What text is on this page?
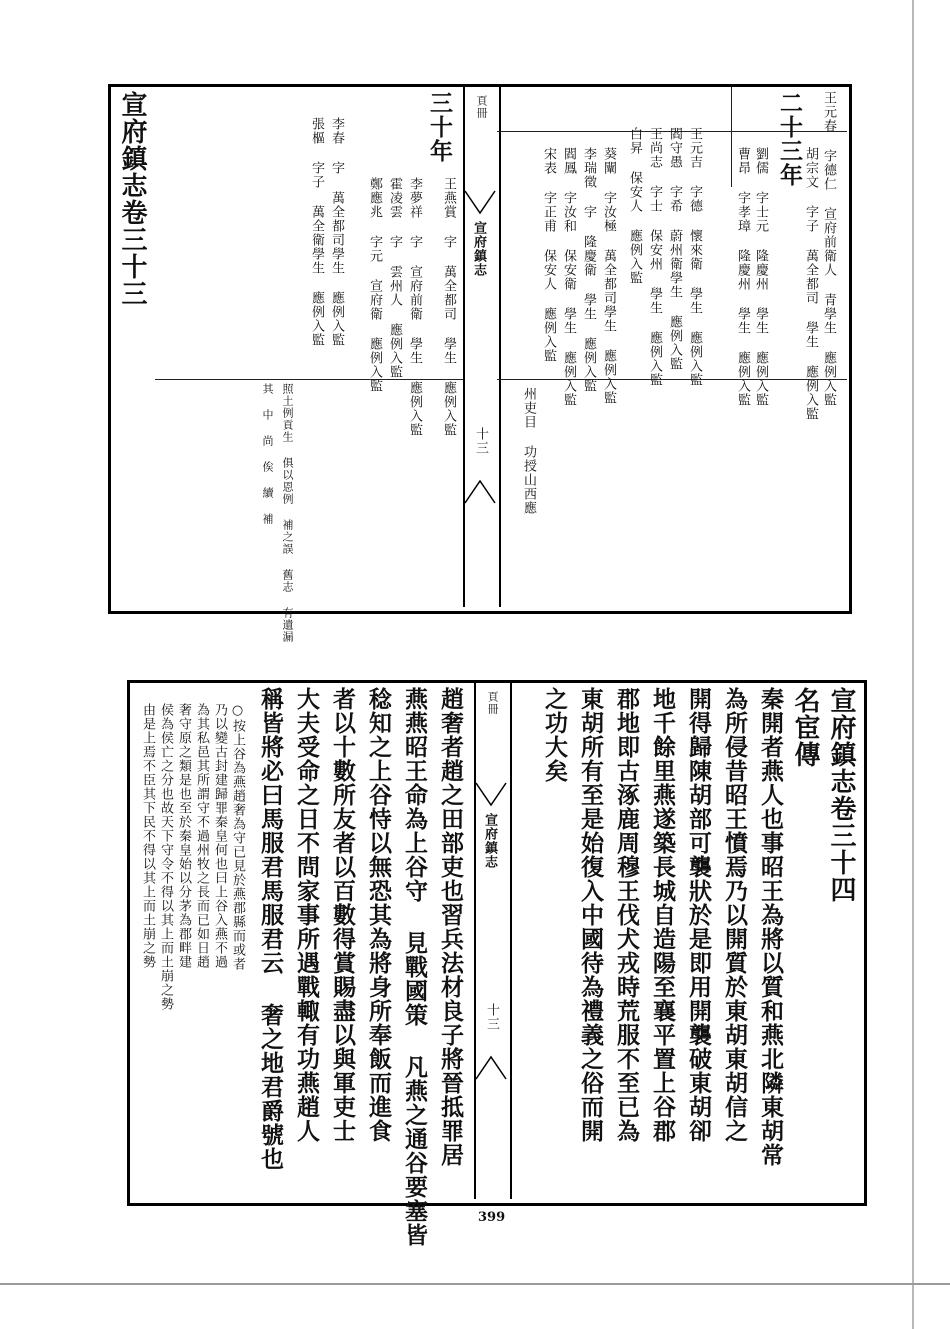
宣府鎮志卷三十三	頁冊
宣府鎮志
十三
二十三年 王元春 字德仁 宣府前衛人 青學生 應例入監
胡宗文 字子 萬全都司 學生 應例入監
劉儒 字士元 隆慶州 學生 應例入監
曹昂 字孝璋 隆慶州 學生 應例入監
王元吉 字德 懷來衛 學生 應例入監
閻守愚 字希 蔚州衛學生 應例入監
王尚志 字士 保安州 學生 應例入監
白昇 保安人 應例入監
葵闡 字汝極 萬全都司學生 應例入監
李瑞徵 字 隆慶衛 學生 應例入監
閻鳳 字汝和 保安衛 學生 應例入監
宋表 字正甫 保安人 應例入監
州吏目 功授山西應
三十年
王燕賞 字 萬全都司 學生 應例入監
李夢祥 字 宣府前衛 學生 應例入監
霍凌雲 字 雲州人 應例入監
鄭應兆 字元 宣府衛 應例入監
李春 字 萬全都司學生 應例入監
張樞 字子 萬全衛學生 應例入監
照土例貢生 俱以恩例 補之誤 舊志 有遺漏
其 中 尚 俟 續 補
宣府鎮志卷三十四
名宦傳
秦開者燕人也事昭王為將以質和燕北隣東胡常
為所侵昔昭王憤焉乃以開質於東胡東胡信之
開得歸陳胡部可襲狀於是即用開襲破東胡卻
地千餘里燕遂築長城自造陽至襄平置上谷郡
郡地即古涿鹿周穆王伐犬戎時荒服不至已為
東胡所有至是始復入中國待為禮義之俗而開
之功大矣
頁冊
宣府鎮志
十三
趙奢者趙之田部吏也習兵法材良子將晉抵罪居
燕燕昭王命為上谷守 見戰國策 凡燕之通谷要塞皆
稔知之上谷恃以無恐其為將身所奉飯而進食
者以十數所友者以百數得賞賜盡以與軍吏士
大夫受命之日不問家事所遇戰輙有功燕趙人
稱皆將必曰馬服君馬服君云 奢之地君爵號也
○按上谷為燕趙奢為守已見於燕郡縣而或者
乃以變古封建歸罪秦皇何也曰上谷入燕不過
為其私邑其所謂守不過州牧之長而已如日趙
奢守原之類是也至於秦皇始以分茅為郡畔建
侯為侯亡之分也故天下守令不得以其上而土崩之勢
由是上焉不臣其下民不得以其上而土崩之勢
399
